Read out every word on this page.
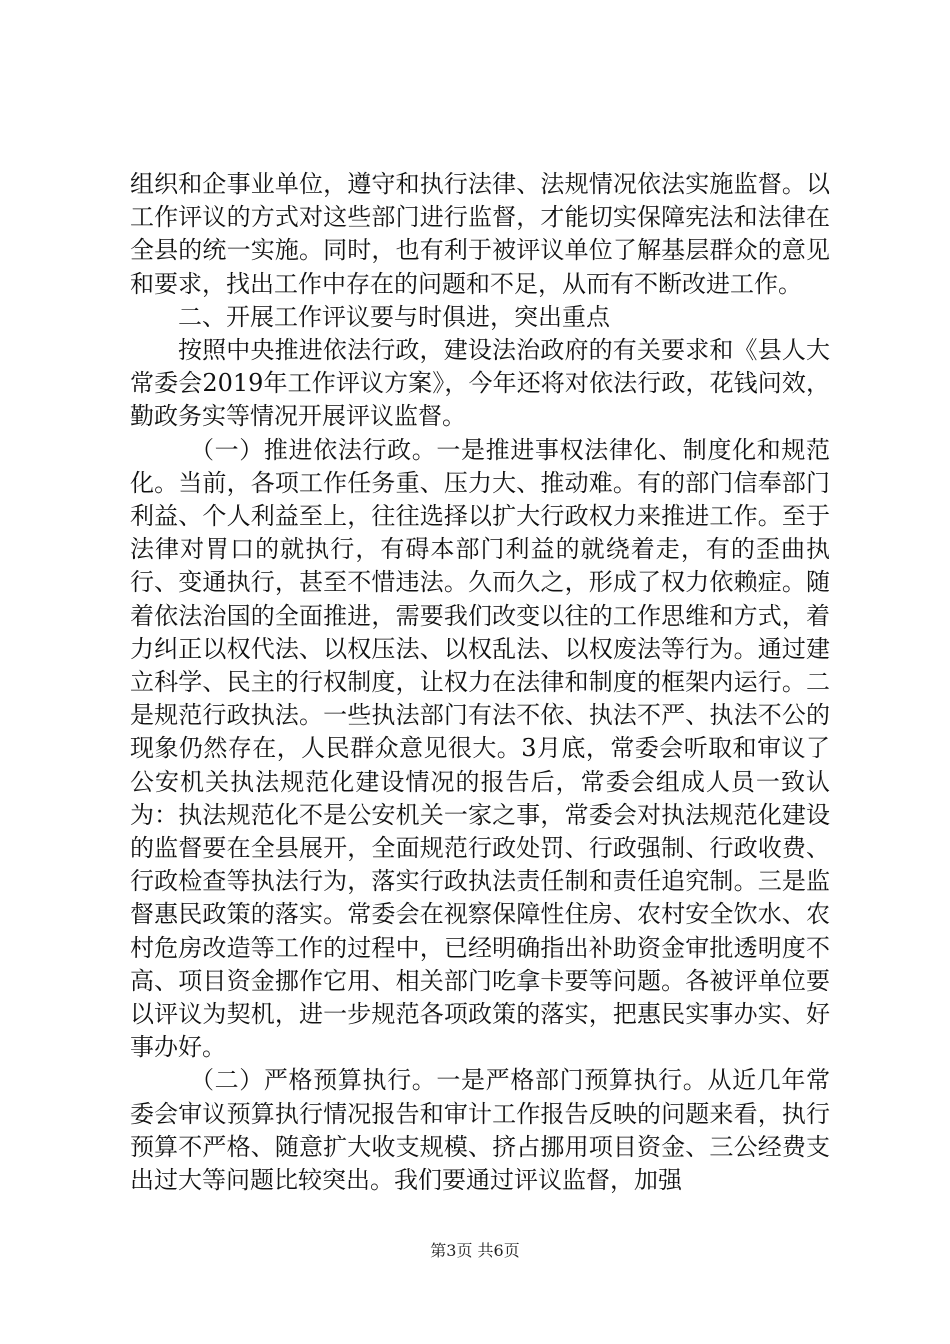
组织和企事业单位，遵守和执行法律、法规情况依法实施监督。以工作评议的方式对这些部门进行监督，才能切实保障宪法和法律在全县的统一实施。同时，也有利于被评议单位了解基层群众的意见和要求，找出工作中存在的问题和不足，从而有不断改进工作。

二、开展工作评议要与时俱进，突出重点

按照中央推进依法行政，建设法治政府的有关要求和《县人大常委会2019年工作评议方案》，今年还将对依法行政，花钱问效，勤政务实等情况开展评议监督。

（一）推进依法行政。一是推进事权法律化、制度化和规范化。当前，各项工作任务重、压力大、推动难。有的部门信奉部门利益、个人利益至上，往往选择以扩大行政权力来推进工作。至于法律对胃口的就执行，有碍本部门利益的就绕着走，有的歪曲执行、变通执行，甚至不惜违法。久而久之，形成了权力依赖症。随着依法治国的全面推进，需要我们改变以往的工作思维和方式，着力纠正以权代法、以权压法、以权乱法、以权废法等行为。通过建立科学、民主的行权制度，让权力在法律和制度的框架内运行。二是规范行政执法。一些执法部门有法不依、执法不严、执法不公的现象仍然存在，人民群众意见很大。3月底，常委会听取和审议了公安机关执法规范化建设情况的报告后，常委会组成人员一致认为：执法规范化不是公安机关一家之事，常委会对执法规范化建设的监督要在全县展开，全面规范行政处罚、行政强制、行政收费、行政检查等执法行为，落实行政执法责任制和责任追究制。三是监督惠民政策的落实。常委会在视察保障性住房、农村安全饮水、农村危房改造等工作的过程中，已经明确指出补助资金审批透明度不高、项目资金挪作它用、相关部门吃拿卡要等问题。各被评单位要以评议为契机，进一步规范各项政策的落实，把惠民实事办实、好事办好。

（二）严格预算执行。一是严格部门预算执行。从近几年常委会审议预算执行情况报告和审计工作报告反映的问题来看，执行预算不严格、随意扩大收支规模、挤占挪用项目资金、三公经费支出过大等问题比较突出。我们要通过评议监督，加强

第3页 共6页
